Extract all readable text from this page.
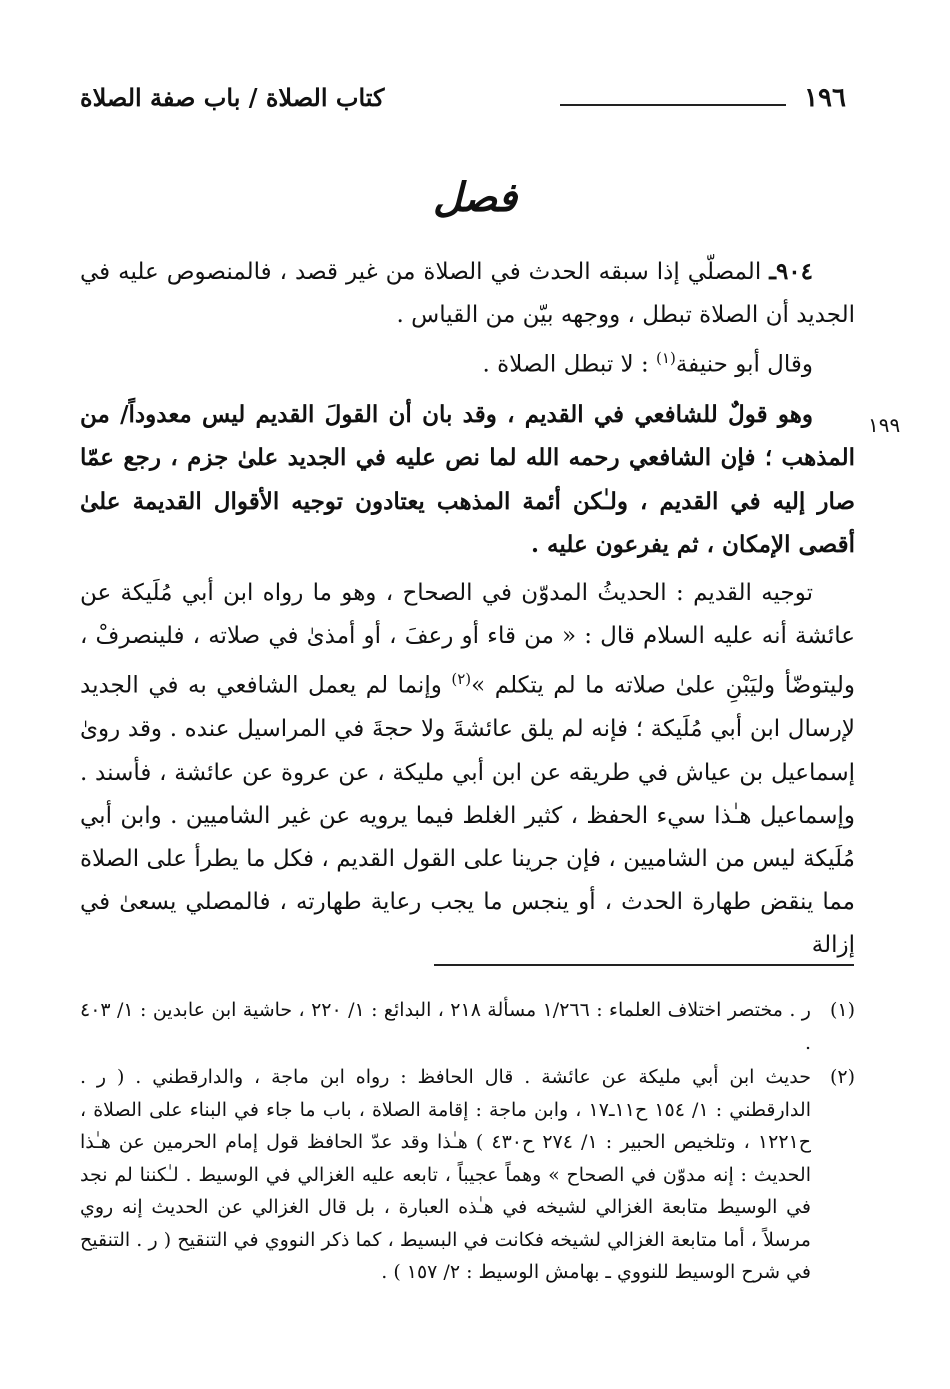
١٩٦
كتاب الصلاة / باب صفة الصلاة
فصل
١٩٩

٩٠٤ـ المصلّي إذا سبقه الحدث في الصلاة من غير قصد ، فالمنصوص عليه في الجديد أن الصلاة تبطل ، ووجهه بيّن من القياس .

وقال أبو حنيفة$^{(١)}$ : لا تبطل الصلاة .

وهو قولٌ للشافعي في القديم ، وقد بان أن القولَ القديم ليس معدوداً/ من المذهب ؛ فإن الشافعي رحمه الله لما نص عليه في الجديد علىٰ جزم ، رجع عمّا صار إليه في القديم ، ولـٰكن أئمة المذهب يعتادون توجيه الأقوال القديمة علىٰ أقصى الإمكان ، ثم يفرعون عليه .

توجيه القديم : الحديثُ المدوّن في الصحاح ، وهو ما رواه ابن أبي مُلَيكة عن عائشة أنه عليه السلام قال : « من قاء أو رعفَ ، أو أمذىٰ في صلاته ، فلينصرفْ ، وليتوضّأ وليَبْنِ علىٰ صلاته ما لم يتكلم »$^{(٢)}$ وإنما لم يعمل الشافعي به في الجديد لإرسال ابن أبي مُلَيكة ؛ فإنه لم يلق عائشةَ ولا حجةَ في المراسيل عنده . وقد روىٰ إسماعيل بن عياش في طريقه عن ابن أبي مليكة ، عن عروة عن عائشة ، فأسند . وإسماعيل هـٰذا سيء الحفظ ، كثير الغلط فيما يرويه عن غير الشاميين . وابن أبي مُلَيكة ليس من الشاميين ، فإن جرينا على القول القديم ، فكل ما يطرأ على الصلاة مما ينقض طهارة الحدث ، أو ينجس ما يجب رعاية طهارته ، فالمصلي يسعىٰ في إزالة

(١)
ر . مختصر اختلاف العلماء : ١/٢٦٦ مسألة ٢١٨ ، البدائع : ١/ ٢٢٠ ، حاشية ابن عابدين : ١/ ٤٠٣ .

(٢)
حديث ابن أبي مليكة عن عائشة . قال الحافظ : رواه ابن ماجة ، والدارقطني . ( ر . الدارقطني : ١/ ١٥٤ ح١١ـ١٧ ، وابن ماجة : إقامة الصلاة ، باب ما جاء في البناء على الصلاة ، ح١٢٢١ ، وتلخيص الحبير : ١/ ٢٧٤ ح٤٣٠ ) هـٰذا وقد عدّ الحافظ قول إمام الحرمين عن هـٰذا الحديث : إنه مدوّن في الصحاح » وهماً عجيباً ، تابعه عليه الغزالي في الوسيط . لـٰكننا لم نجد في الوسيط متابعة الغزالي لشيخه في هـٰذه العبارة ، بل قال الغزالي عن الحديث إنه روي مرسلاً ، أما متابعة الغزالي لشيخه فكانت في البسيط ، كما ذكر النووي في التنقيح ( ر . التنقيح في شرح الوسيط للنووي ـ بهامش الوسيط : ٢/ ١٥٧ ) .
